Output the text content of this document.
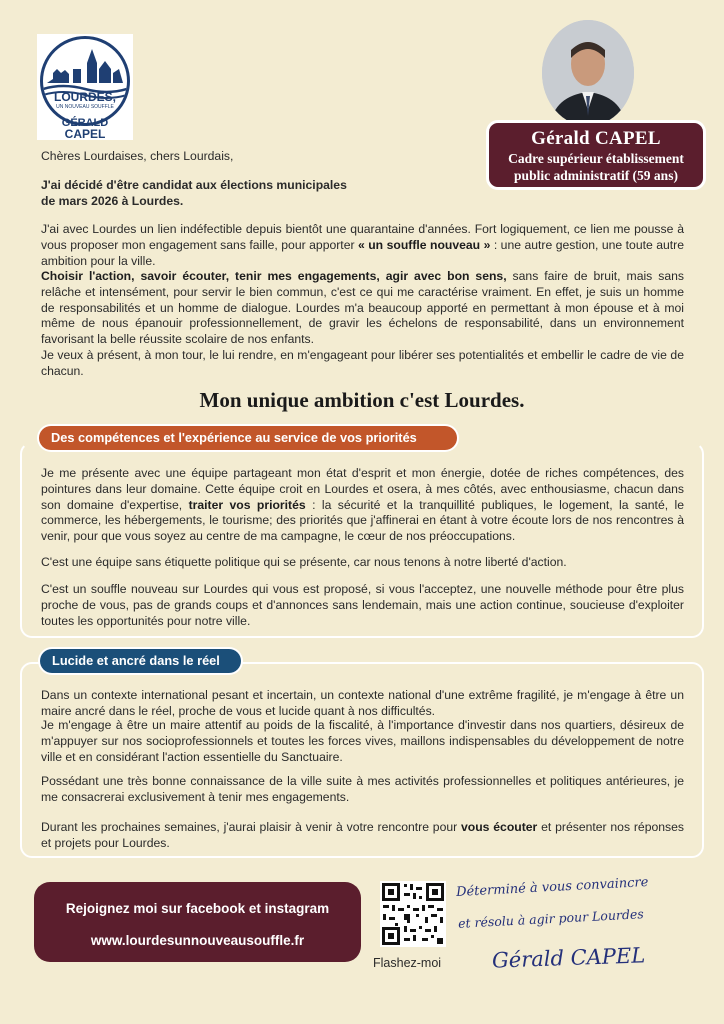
LOURDES,
UN NOUVEAU SOUFFLE
GÉRALD
CAPEL	Gérald CAPEL
Cadre supérieur établissement
public administratif (59 ans)
Chères Lourdaises, chers Lourdais,
J'ai décidé d'être candidat aux élections municipales
de mars 2026 à Lourdes.
J'ai avec Lourdes un lien indéfectible depuis bientôt une quarantaine d'années. Fort logiquement, ce lien me pousse à vous proposer mon engagement sans faille, pour apporter « un souffle nouveau » : une autre gestion, une toute autre ambition pour la ville.
Choisir l'action, savoir écouter, tenir mes engagements, agir avec bon sens, sans faire de bruit, mais sans relâche et intensément, pour servir le bien commun, c'est ce qui me caractérise vraiment. En effet, je suis un homme de responsabilités et un homme de dialogue. Lourdes m'a beaucoup apporté en permettant à mon épouse et à moi même de nous épanouir professionnellement, de gravir les échelons de responsabilité, dans un environnement favorisant la belle réussite scolaire de nos enfants.
Je veux à présent, à mon tour, le lui rendre, en m'engageant pour libérer ses potentialités et embellir le cadre de vie de chacun.
Mon unique ambition c'est Lourdes.
Des compétences et l'expérience au service de vos priorités
Je me présente avec une équipe partageant mon état d'esprit et mon énergie, dotée de riches compétences, des pointures dans leur domaine. Cette équipe croit en Lourdes et osera, à mes côtés, avec enthousiasme, chacun dans son domaine d'expertise, traiter vos priorités : la sécurité et la tranquillité publiques, le logement, la santé, le commerce, les hébergements, le tourisme; des priorités que j'affinerai en étant à votre écoute lors de nos rencontres à venir, pour que vous soyez au centre de ma campagne, le cœur de nos préoccupations.
C'est une équipe sans étiquette politique qui se présente, car nous tenons à notre liberté d'action.
C'est un souffle nouveau sur Lourdes qui vous est proposé, si vous l'acceptez, une nouvelle méthode pour être plus proche de vous, pas de grands coups et d'annonces sans lendemain, mais une action continue, soucieuse d'exploiter toutes les opportunités pour notre ville.
Lucide et ancré dans le réel
Dans un contexte international pesant et incertain, un contexte national d'une extrême fragilité, je m'engage à être un maire ancré dans le réel, proche de vous et lucide quant à nos difficultés.
Je m'engage à être un maire attentif au poids de la fiscalité, à l'importance d'investir dans nos quartiers, désireux de m'appuyer sur nos socioprofessionnels et toutes les forces vives, maillons indispensables du développement de notre ville et en considérant l'action essentielle du Sanctuaire.
Possédant une très bonne connaissance de la ville suite à mes activités professionnelles et politiques antérieures, je me consacrerai exclusivement à tenir mes engagements.
Durant les prochaines semaines, j'aurai plaisir à venir à votre rencontre pour vous écouter et présenter nos réponses et projets pour Lourdes.
Rejoignez moi sur facebook et instagram
www.lourdesunnouveausouffle.fr
Flashez-moi
Déterminé à vous convaincre
et résolu à agir pour Lourdes
Gérald CAPEL
